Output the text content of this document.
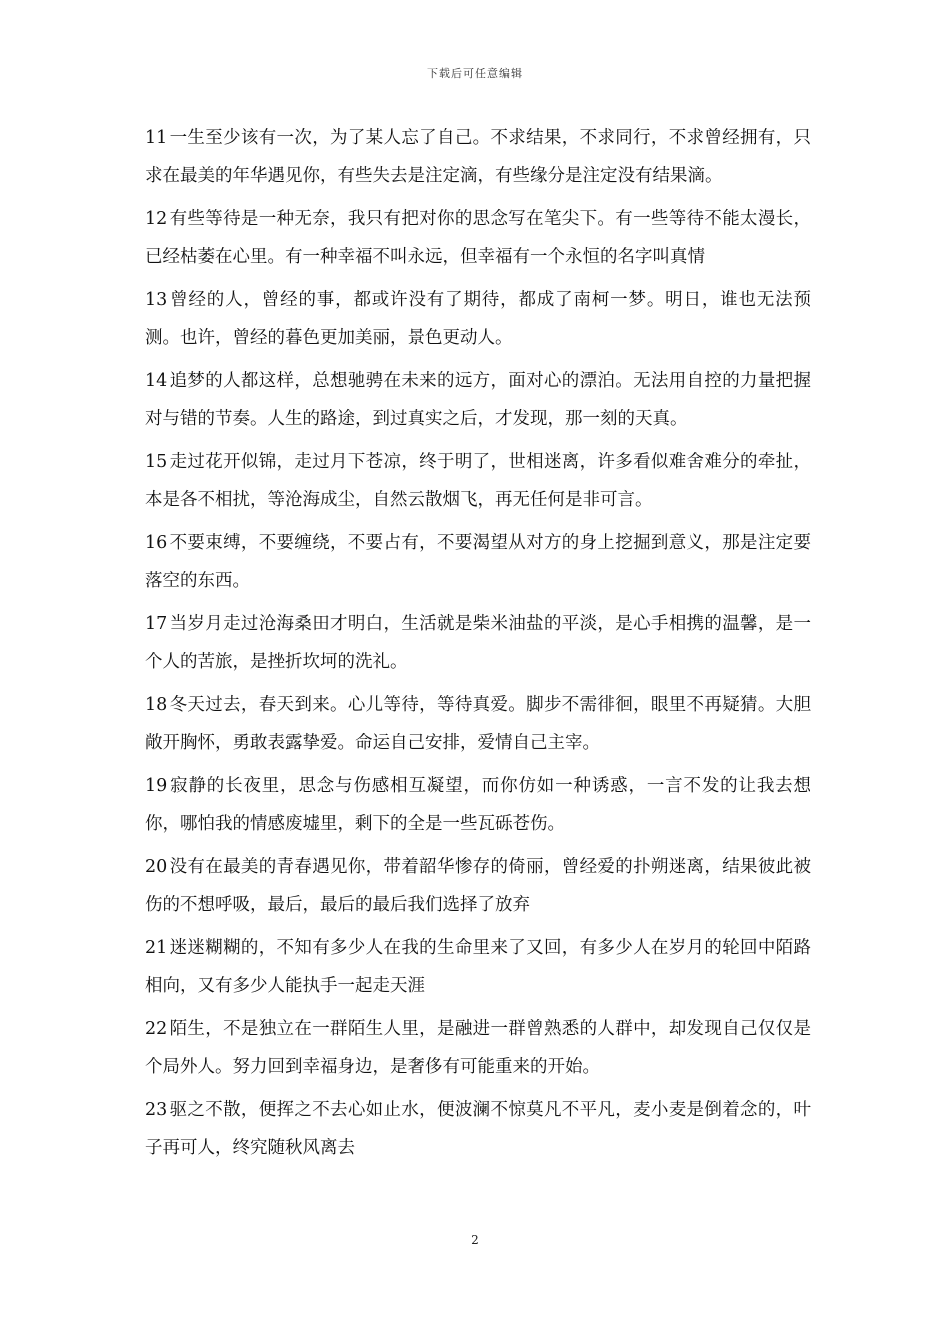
下载后可任意编辑

11 一生至少该有一次，为了某人忘了自己。不求结果，不求同行，不求曾经拥有，只求在最美的年华遇见你，有些失去是注定滴，有些缘分是注定没有结果滴。

12 有些等待是一种无奈，我只有把对你的思念写在笔尖下。有一些等待不能太漫长，已经枯萎在心里。有一种幸福不叫永远，但幸福有一个永恒的名字叫真情

13 曾经的人，曾经的事，都或许没有了期待，都成了南柯一梦。明日，谁也无法预测。也许，曾经的暮色更加美丽，景色更动人。

14 追梦的人都这样，总想驰骋在未来的远方，面对心的漂泊。无法用自控的力量把握对与错的节奏。人生的路途，到过真实之后，才发现，那一刻的天真。

15 走过花开似锦，走过月下苍凉，终于明了，世相迷离，许多看似难舍难分的牵扯，本是各不相扰，等沧海成尘，自然云散烟飞，再无任何是非可言。

16 不要束缚，不要缠绕，不要占有，不要渴望从对方的身上挖掘到意义，那是注定要落空的东西。

17 当岁月走过沧海桑田才明白，生活就是柴米油盐的平淡，是心手相携的温馨，是一个人的苦旅，是挫折坎坷的洗礼。

18 冬天过去，春天到来。心儿等待，等待真爱。脚步不需徘徊，眼里不再疑猜。大胆敞开胸怀，勇敢表露挚爱。命运自己安排，爱情自己主宰。

19 寂静的长夜里，思念与伤感相互凝望，而你仿如一种诱惑，一言不发的让我去想你，哪怕我的情感废墟里，剩下的全是一些瓦砾苍伤。

20 没有在最美的青春遇见你，带着韶华惨存的倚丽，曾经爱的扑朔迷离，结果彼此被伤的不想呼吸，最后，最后的最后我们选择了放弃

21 迷迷糊糊的，不知有多少人在我的生命里来了又回，有多少人在岁月的轮回中陌路相向，又有多少人能执手一起走天涯

22 陌生，不是独立在一群陌生人里，是融进一群曾熟悉的人群中，却发现自己仅仅是个局外人。努力回到幸福身边，是奢侈有可能重来的开始。

23 驱之不散，便挥之不去心如止水，便波澜不惊莫凡不平凡，麦小麦是倒着念的，叶子再可人，终究随秋风离去

2
